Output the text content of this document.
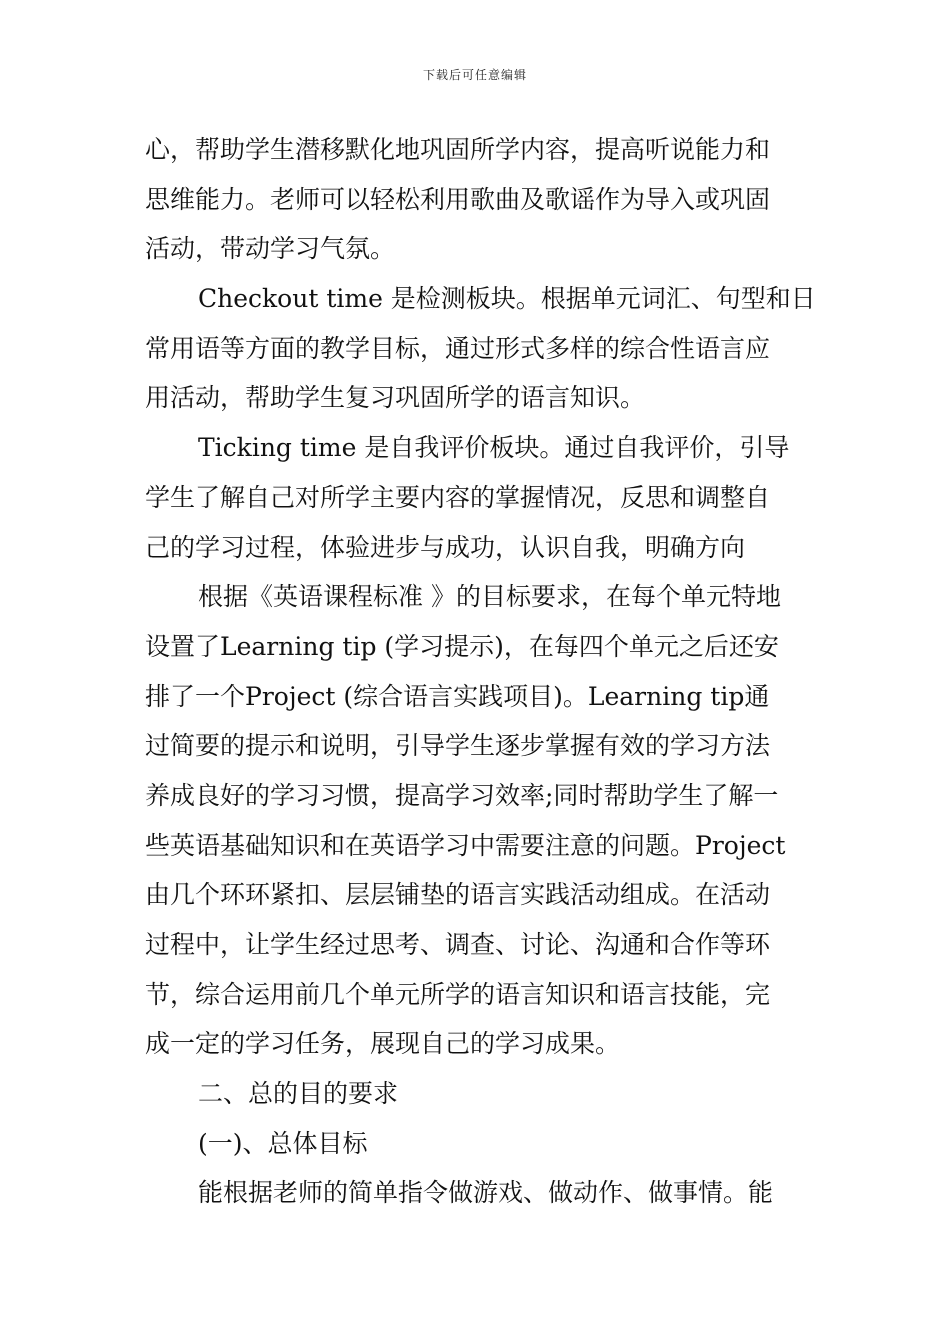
下载后可任意编辑
心，帮助学生潜移默化地巩固所学内容，提高听说能力和
思维能力。老师可以轻松利用歌曲及歌谣作为导入或巩固
活动，带动学习气氛。
Checkout time 是检测板块。根据单元词汇、句型和日
常用语等方面的教学目标，通过形式多样的综合性语言应
用活动，帮助学生复习巩固所学的语言知识。
Ticking time 是自我评价板块。通过自我评价，引导
学生了解自己对所学主要内容的掌握情况，反思和调整自
己的学习过程，体验进步与成功，认识自我，明确方向
根据《英语课程标准 》的目标要求，在每个单元特地
设置了Learning tip (学习提示)，在每四个单元之后还安
排了一个Project (综合语言实践项目)。Learning tip通
过简要的提示和说明，引导学生逐步掌握有效的学习方法
养成良好的学习习惯，提高学习效率;同时帮助学生了解一
些英语基础知识和在英语学习中需要注意的问题。Project
由几个环环紧扣、层层铺垫的语言实践活动组成。在活动
过程中，让学生经过思考、调查、讨论、沟通和合作等环
节，综合运用前几个单元所学的语言知识和语言技能，完
成一定的学习任务，展现自己的学习成果。
二、总的目的要求
(一)、总体目标
能根据老师的简单指令做游戏、做动作、做事情。能
